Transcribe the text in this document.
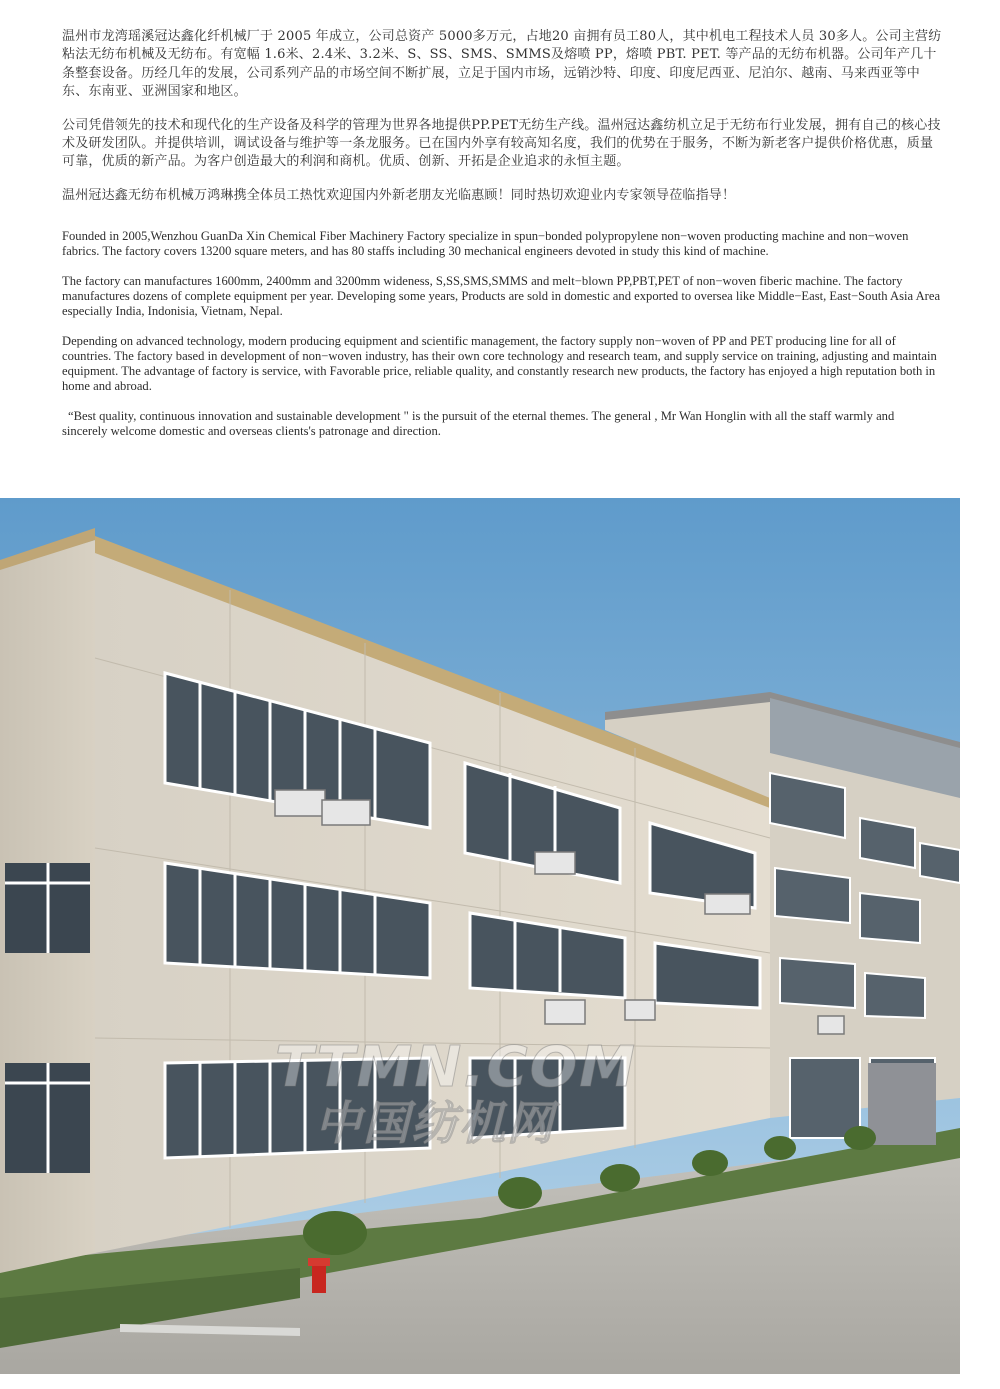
温州市龙湾瑶溪冠达鑫化纤机械厂于 2005 年成立，公司总资产 5000多万元，占地20 亩拥有员工80人，其中机电工程技术人员 30多人。公司主营纺粘法无纺布机械及无纺布。有宽幅 1.6米、2.4米、3.2米、S、SS、SMS、SMMS及熔喷 PP，熔喷 PBT. PET. 等产品的无纺布机器。公司年产几十条整套设备。历经几年的发展，公司系列产品的市场空间不断扩展，立足于国内市场，远销沙特、印度、印度尼西亚、尼泊尔、越南、马来西亚等中东、东南亚、亚洲国家和地区。

公司凭借领先的技术和现代化的生产设备及科学的管理为世界各地提供PP.PET无纺生产线。温州冠达鑫纺机立足于无纺布行业发展，拥有自己的核心技术及研发团队。并提供培训，调试设备与维护等一条龙服务。已在国内外享有较高知名度，我们的优势在于服务，不断为新老客户提供价格优惠，质量可靠，优质的新产品。为客户创造最大的利润和商机。优质、创新、开拓是企业追求的永恒主题。

温州冠达鑫无纺布机械万鸿琳携全体员工热忱欢迎国内外新老朋友光临惠顾！同时热切欢迎业内专家领导莅临指导！

Founded in 2005,Wenzhou GuanDa Xin Chemical Fiber Machinery Factory specialize in spun−bonded polypropylene non−woven producting machine and non−woven fabrics. The factory covers 13200 square meters, and has 80 staffs including 30 mechanical engineers devoted in study this kind of machine.

The factory can manufactures 1600mm, 2400mm and 3200mm wideness, S,SS,SMS,SMMS and melt−blown PP,PBT,PET of non−woven fiberic machine. The factory manufactures dozens of complete equipment per year. Developing some years, Products are sold in domestic and exported to oversea like Middle−East, East−South Asia Area especially India, Indonisia, Vietnam, Nepal.

Depending on advanced technology, modern producing equipment and scientific management, the factory supply non−woven of PP and PET producing line for all of countries. The factory based in development of non−woven industry, has their own core technology and research team, and supply service on training, adjusting and maintain equipment. The advantage of factory is service, with Favorable price, reliable quality, and constantly research new products, the factory has enjoyed a high reputation both in home and abroad.

“Best quality, continuous innovation and sustainable development " is the pursuit of the eternal themes. The general , Mr Wan Honglin with all the staff warmly and sincerely welcome domestic and overseas clients's patronage and direction.

TTMN.COM
中国纺机网
